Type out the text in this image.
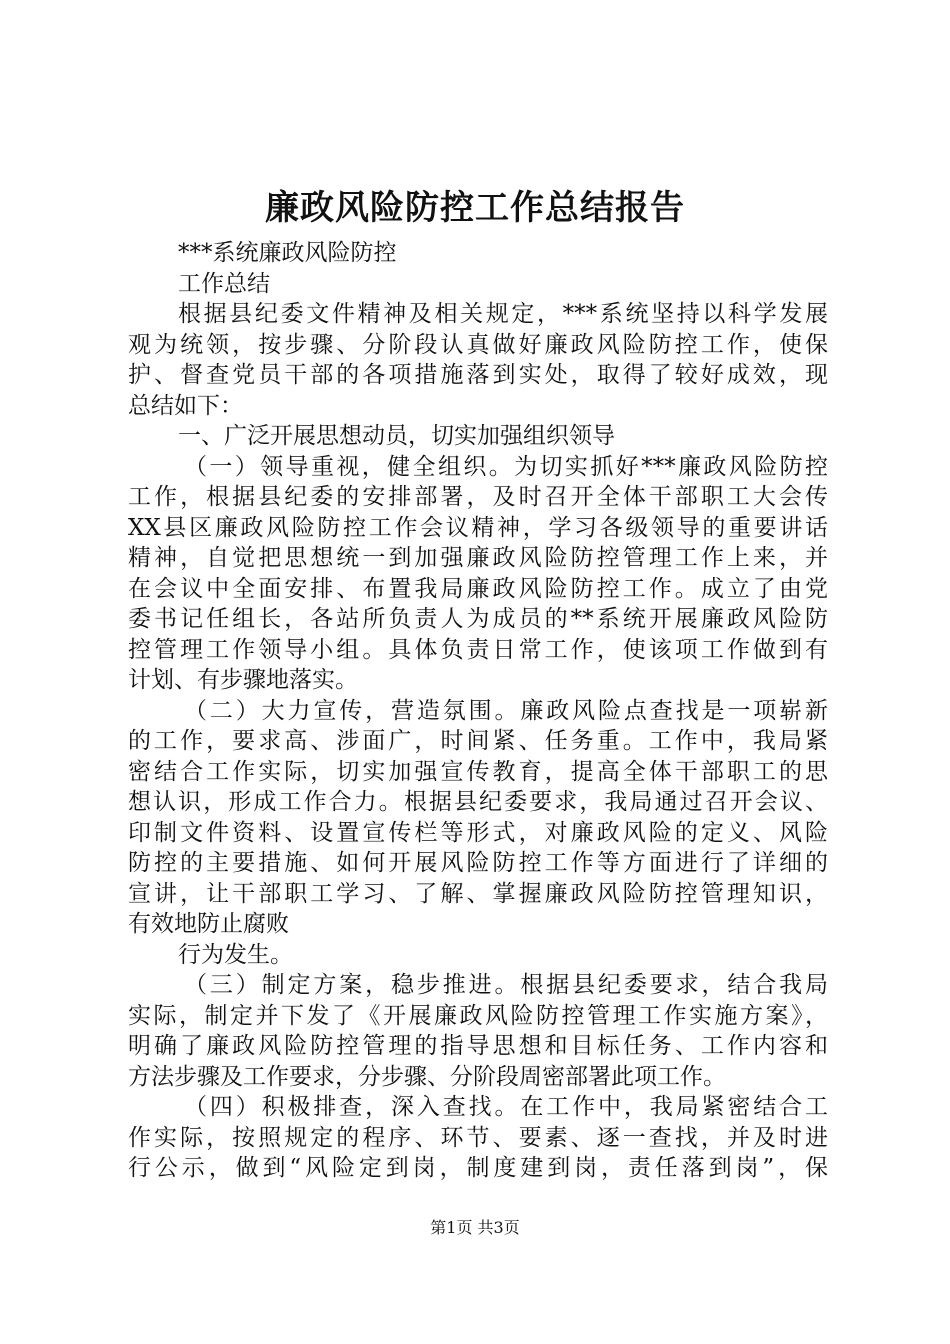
廉政风险防控工作总结报告
***系统廉政风险防控
工作总结
根据县纪委文件精神及相关规定，***系统坚持以科学发展
观为统领，按步骤、分阶段认真做好廉政风险防控工作，使保
护、督查党员干部的各项措施落到实处，取得了较好成效，现
总结如下：
一、广泛开展思想动员，切实加强组织领导
（一）领导重视，健全组织。为切实抓好***廉政风险防控
工作，根据县纪委的安排部署，及时召开全体干部职工大会传
XX县区廉政风险防控工作会议精神，学习各级领导的重要讲话
精神，自觉把思想统一到加强廉政风险防控管理工作上来，并
在会议中全面安排、布置我局廉政风险防控工作。成立了由党
委书记任组长，各站所负责人为成员的**系统开展廉政风险防
控管理工作领导小组。具体负责日常工作，使该项工作做到有
计划、有步骤地落实。
（二）大力宣传，营造氛围。廉政风险点查找是一项崭新
的工作，要求高、涉面广，时间紧、任务重。工作中，我局紧
密结合工作实际，切实加强宣传教育，提高全体干部职工的思
想认识，形成工作合力。根据县纪委要求，我局通过召开会议、
印制文件资料、设置宣传栏等形式，对廉政风险的定义、风险
防控的主要措施、如何开展风险防控工作等方面进行了详细的
宣讲，让干部职工学习、了解、掌握廉政风险防控管理知识，
有效地防止腐败
行为发生。
（三）制定方案，稳步推进。根据县纪委要求，结合我局
实际，制定并下发了《开展廉政风险防控管理工作实施方案》，
明确了廉政风险防控管理的指导思想和目标任务、工作内容和
方法步骤及工作要求，分步骤、分阶段周密部署此项工作。
（四）积极排查，深入查找。在工作中，我局紧密结合工
作实际，按照规定的程序、环节、要素、逐一查找，并及时进
行公示，做到“风险定到岗，制度建到岗，责任落到岗”，保
第1页 共3页
